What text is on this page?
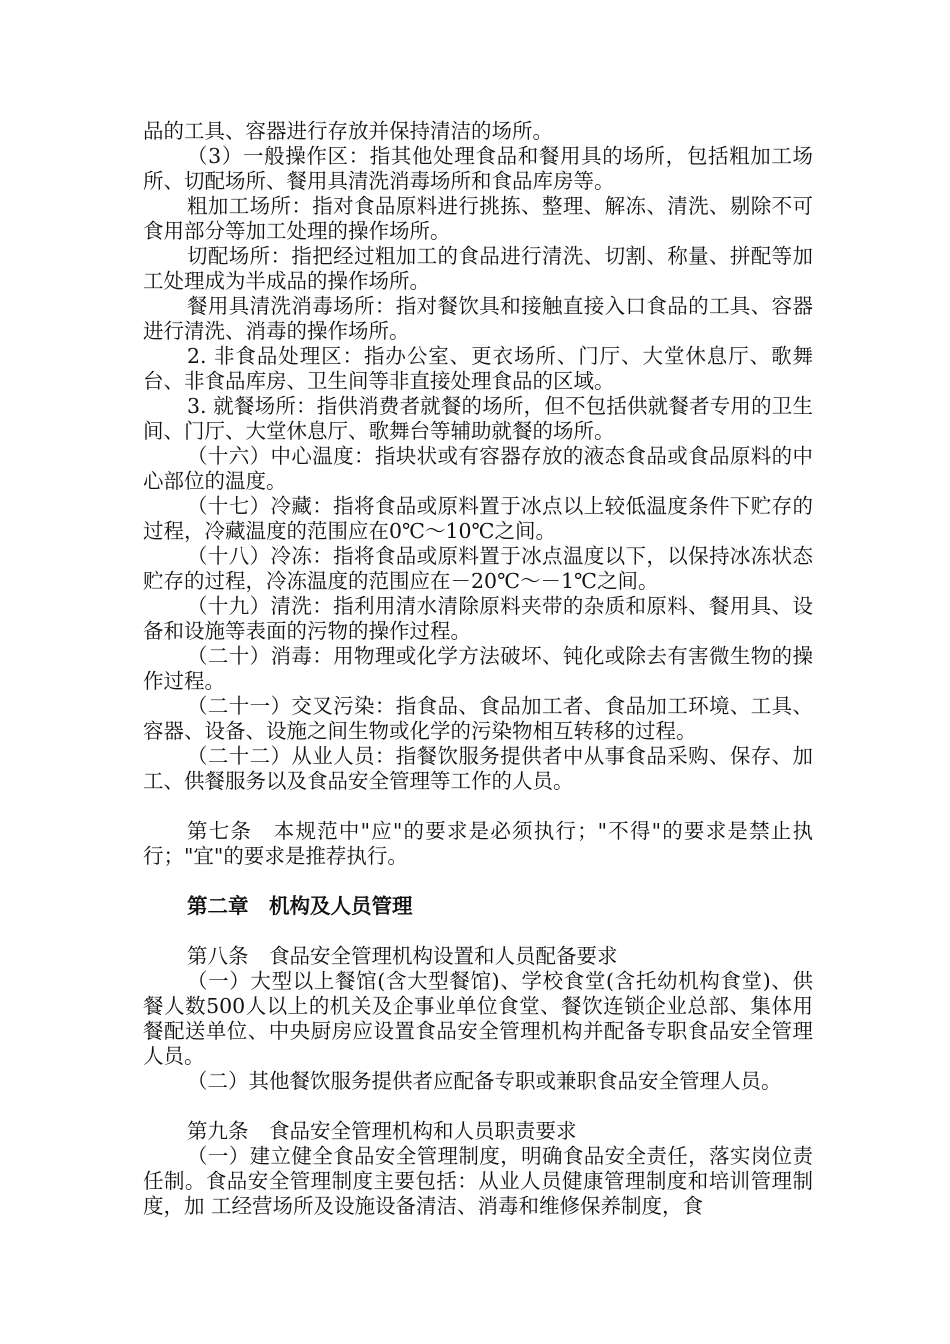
品的工具、容器进行存放并保持清洁的场所。

（3）一般操作区：指其他处理食品和餐用具的场所，包括粗加工场所、切配场所、餐用具清洗消毒场所和食品库房等。

粗加工场所：指对食品原料进行挑拣、整理、解冻、清洗、剔除不可食用部分等加工处理的操作场所。

切配场所：指把经过粗加工的食品进行清洗、切割、称量、拼配等加工处理成为半成品的操作场所。

餐用具清洗消毒场所：指对餐饮具和接触直接入口食品的工具、容器进行清洗、消毒的操作场所。

2. 非食品处理区：指办公室、更衣场所、门厅、大堂休息厅、歌舞台、非食品库房、卫生间等非直接处理食品的区域。

3. 就餐场所：指供消费者就餐的场所，但不包括供就餐者专用的卫生间、门厅、大堂休息厅、歌舞台等辅助就餐的场所。

（十六）中心温度：指块状或有容器存放的液态食品或食品原料的中心部位的温度。

（十七）冷藏：指将食品或原料置于冰点以上较低温度条件下贮存的过程，冷藏温度的范围应在0℃～10℃之间。

（十八）冷冻：指将食品或原料置于冰点温度以下，以保持冰冻状态贮存的过程，冷冻温度的范围应在－20℃～－1℃之间。

（十九）清洗：指利用清水清除原料夹带的杂质和原料、餐用具、设备和设施等表面的污物的操作过程。

（二十）消毒：用物理或化学方法破坏、钝化或除去有害微生物的操作过程。

（二十一）交叉污染：指食品、食品加工者、食品加工环境、工具、容器、设备、设施之间生物或化学的污染物相互转移的过程。

（二十二）从业人员：指餐饮服务提供者中从事食品采购、保存、加工、供餐服务以及食品安全管理等工作的人员。

第七条　本规范中"应"的要求是必须执行；"不得"的要求是禁止执行；"宜"的要求是推荐执行。

第二章　机构及人员管理

第八条　食品安全管理机构设置和人员配备要求

（一）大型以上餐馆(含大型餐馆)、学校食堂(含托幼机构食堂)、供餐人数500人以上的机关及企事业单位食堂、餐饮连锁企业总部、集体用餐配送单位、中央厨房应设置食品安全管理机构并配备专职食品安全管理人员。

（二）其他餐饮服务提供者应配备专职或兼职食品安全管理人员。

第九条　食品安全管理机构和人员职责要求

（一）建立健全食品安全管理制度，明确食品安全责任，落实岗位责任制。食品安全管理制度主要包括：从业人员健康管理制度和培训管理制度，加 工经营场所及设施设备清洁、消毒和维修保养制度，食
